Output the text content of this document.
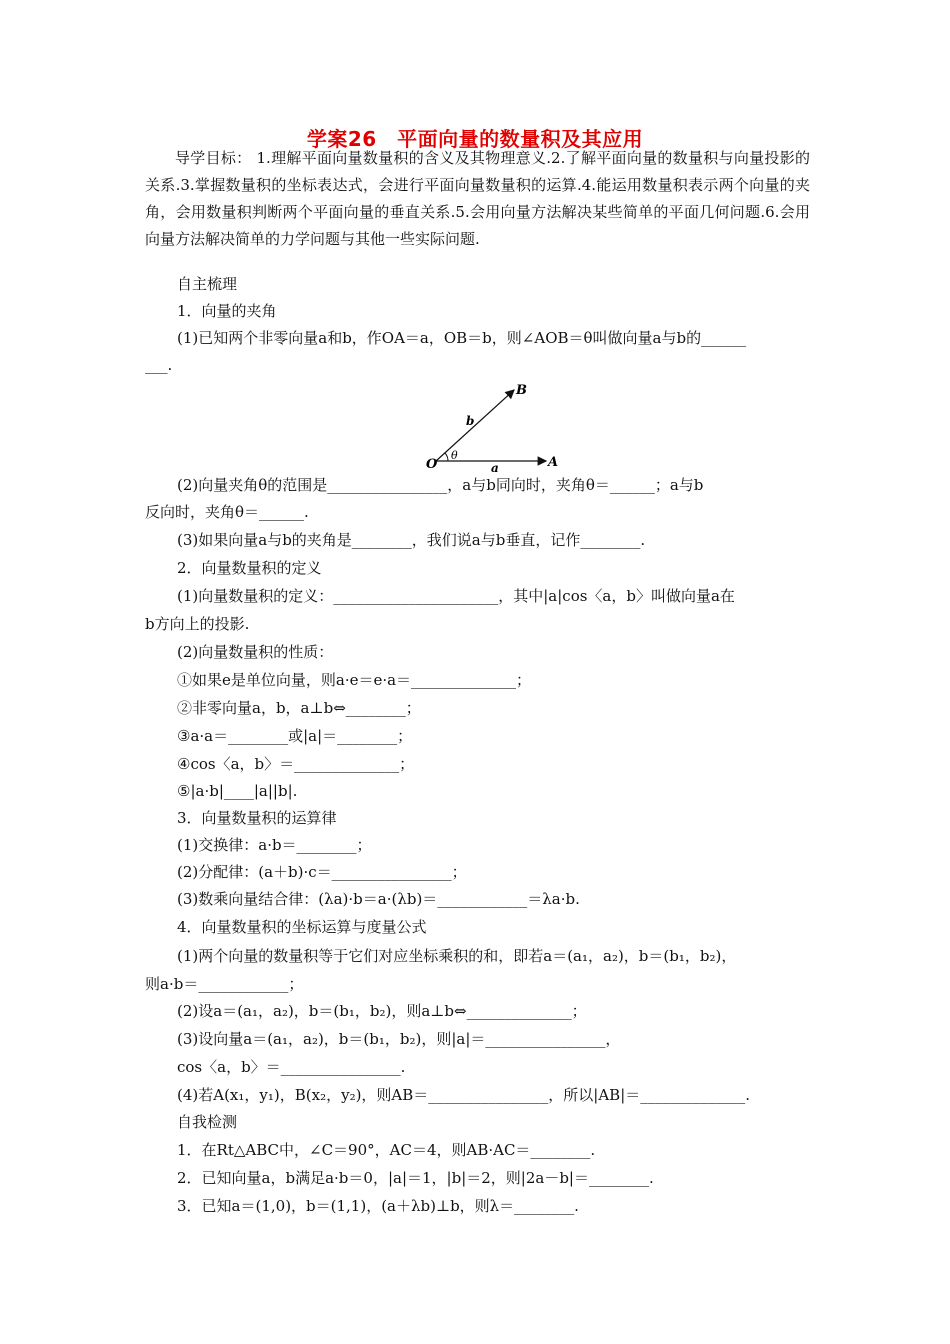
学案26　平面向量的数量积及其应用

导学目标： 1.理解平面向量数量积的含义及其物理意义.2.了解平面向量的数量积与向量投影的关系.3.掌握数量积的坐标表达式，会进行平面向量数量积的运算.4.能运用数量积表示两个向量的夹角，会用数量积判断两个平面向量的垂直关系.5.会用向量方法解决某些简单的平面几何问题.6.会用向量方法解决简单的力学问题与其他一些实际问题.

自主梳理
1．向量的夹角
(1)已知两个非零向量a和b，作OA＝a，OB＝b，则∠AOB＝θ叫做向量a与b的______
___.
O	A
B
a
b
θ
(2)向量夹角θ的范围是________________，a与b同向时，夹角θ＝______；a与b
反向时，夹角θ＝______.
(3)如果向量a与b的夹角是________，我们说a与b垂直，记作________.
2．向量数量积的定义
(1)向量数量积的定义：______________________，其中|a|cos〈a，b〉叫做向量a在
b方向上的投影.
(2)向量数量积的性质：
①如果e是单位向量，则a·e＝e·a＝______________；
②非零向量a，b，a⊥b⇔________；
③a·a＝________或|a|＝________；
④cos〈a，b〉＝______________；
⑤|a·b|____|a||b|.
3．向量数量积的运算律
(1)交换律：a·b＝________；
(2)分配律：(a＋b)·c＝________________；
(3)数乘向量结合律：(λa)·b＝a·(λb)＝____________＝λa·b.
4．向量数量积的坐标运算与度量公式
(1)两个向量的数量积等于它们对应坐标乘积的和，即若a＝(a₁，a₂)，b＝(b₁，b₂)，
则a·b＝____________；
(2)设a＝(a₁，a₂)，b＝(b₁，b₂)，则a⊥b⇔______________；
(3)设向量a＝(a₁，a₂)，b＝(b₁，b₂)，则|a|＝________________，
cos〈a，b〉＝________________.
(4)若A(x₁，y₁)，B(x₂，y₂)，则AB＝________________，所以|AB|＝______________.
自我检测
1．在Rt△ABC中，∠C＝90°，AC＝4，则AB·AC＝________.
2．已知向量a，b满足a·b＝0，|a|＝1，|b|＝2，则|2a－b|＝________.
3．已知a＝(1,0)，b＝(1,1)，(a＋λb)⊥b，则λ＝________.
